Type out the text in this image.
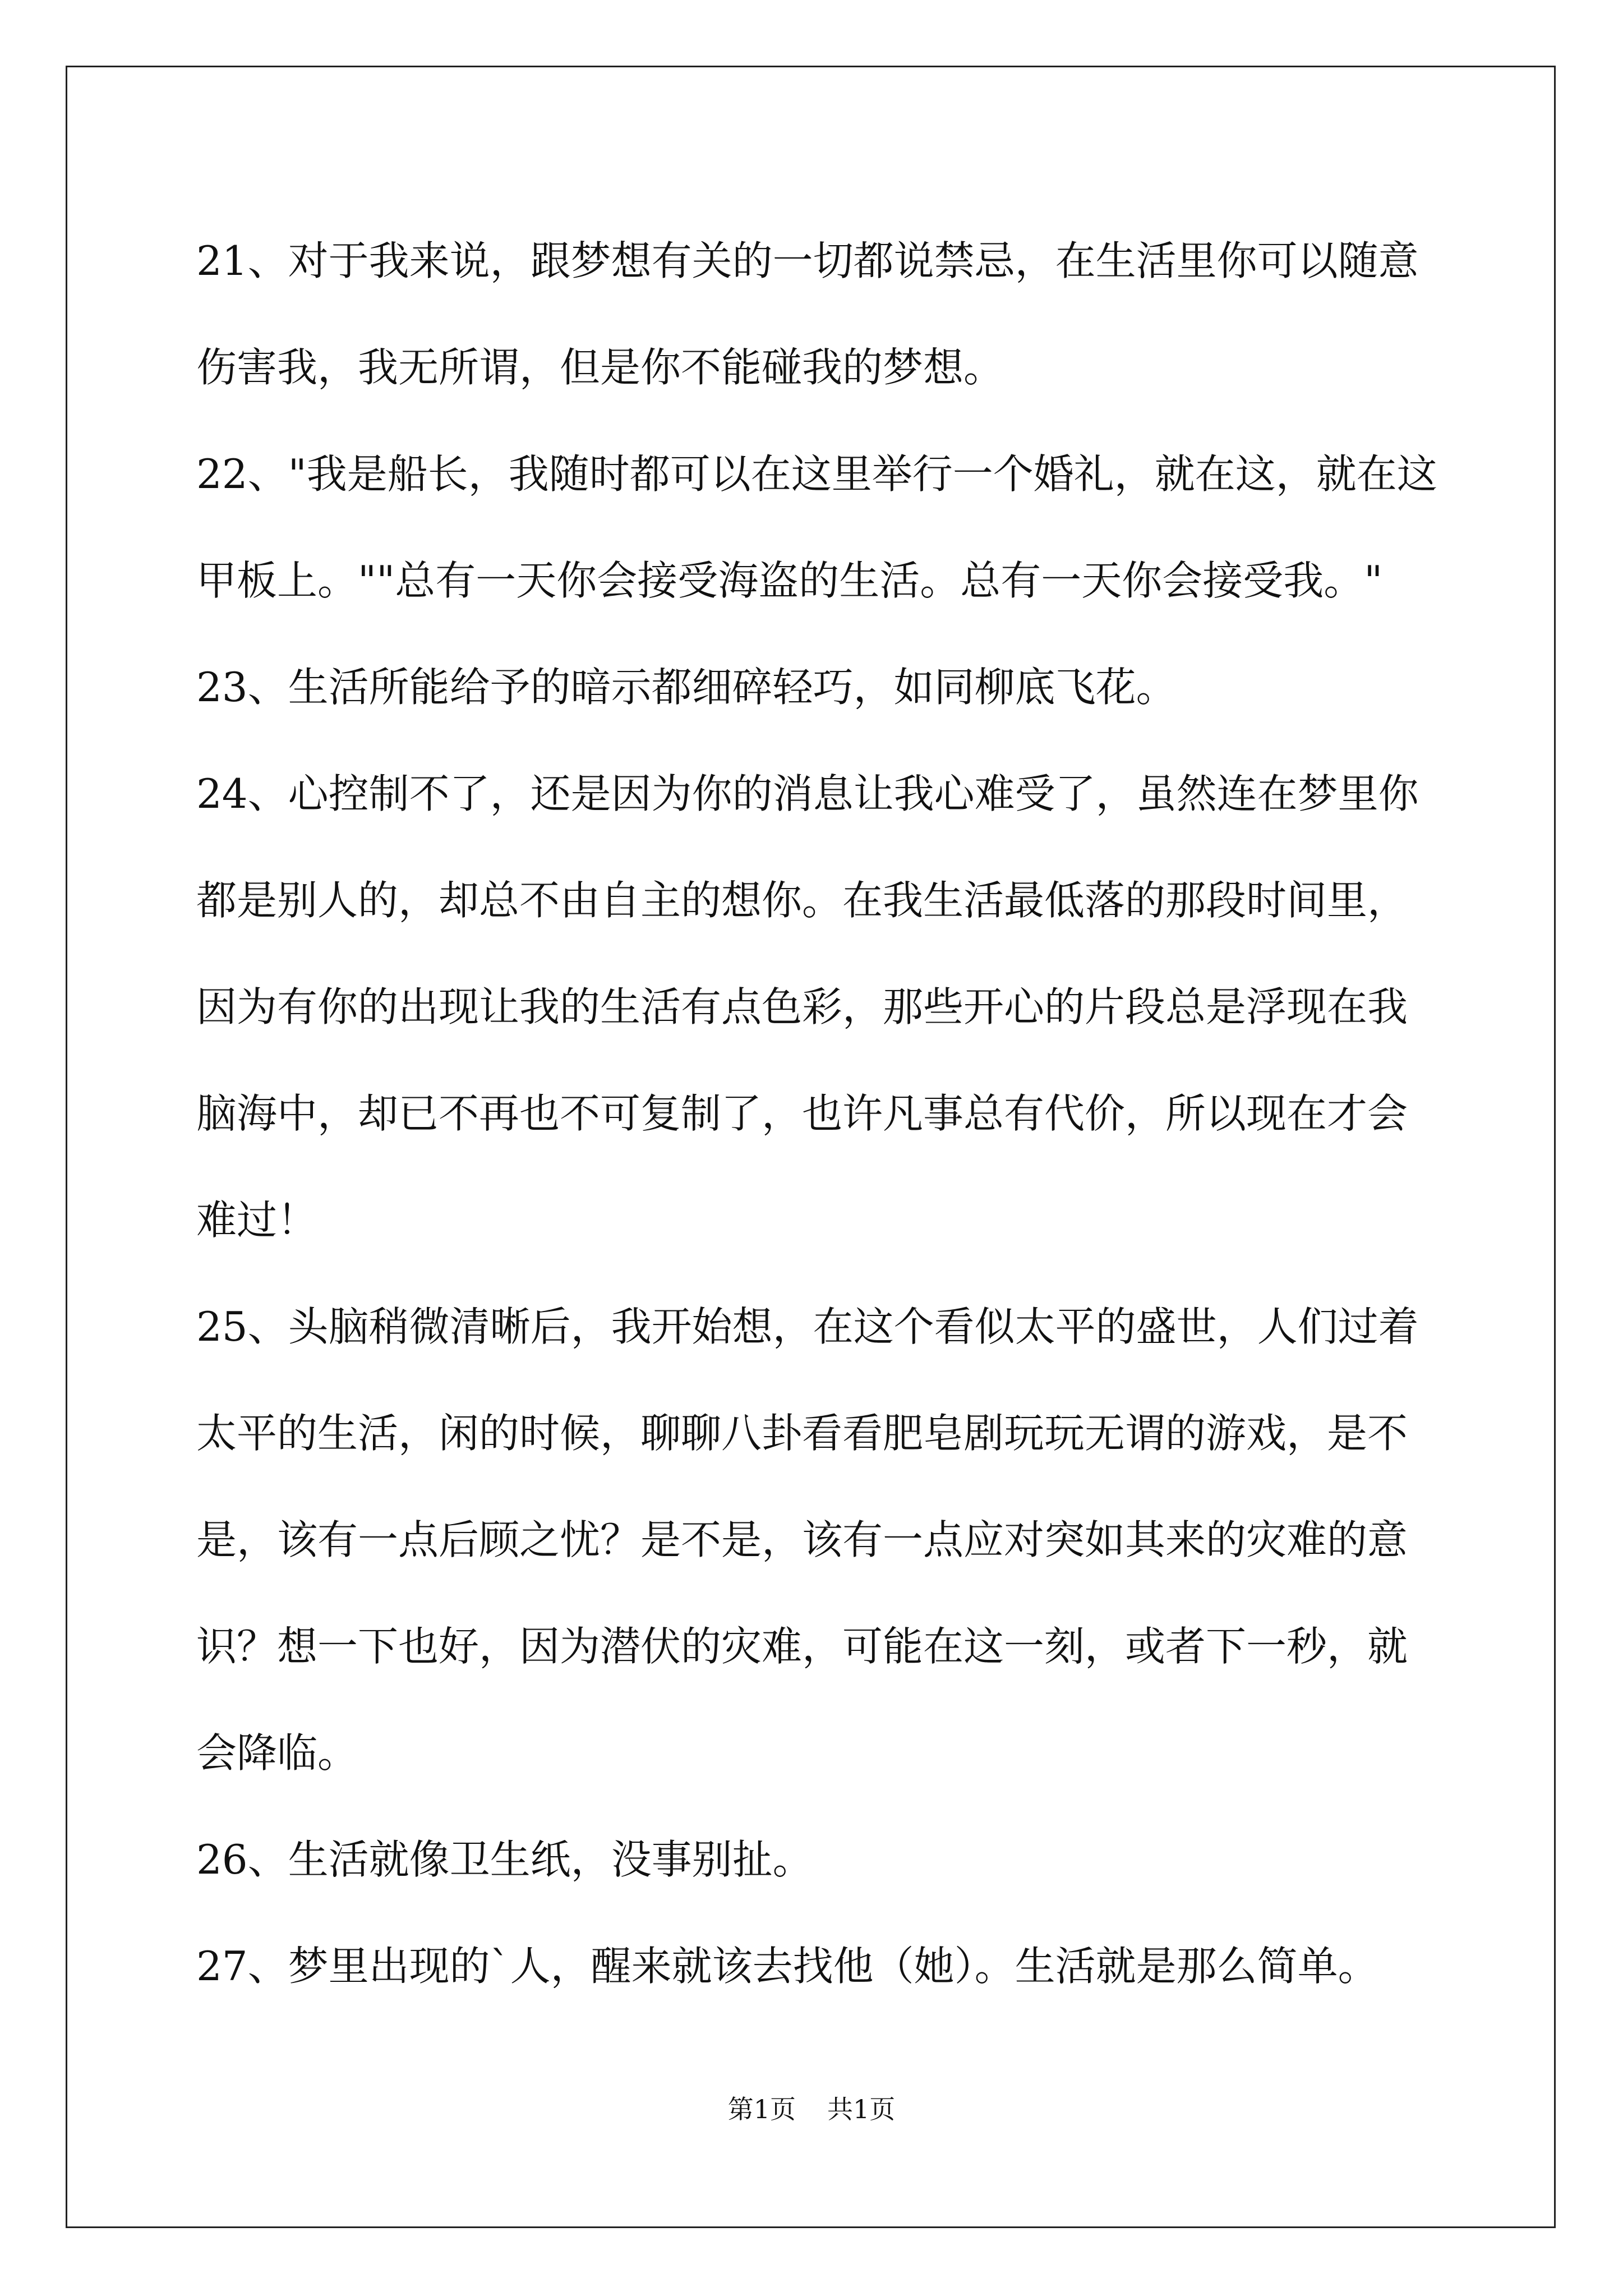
21、对于我来说，跟梦想有关的一切都说禁忌，在生活里你可以随意
伤害我，我无所谓，但是你不能碰我的梦想。
22、"我是船长，我随时都可以在这里举行一个婚礼，就在这，就在这
甲板上。""总有一天你会接受海盗的生活。总有一天你会接受我。"
23、生活所能给予的暗示都细碎轻巧，如同柳底飞花。
24、心控制不了，还是因为你的消息让我心难受了，虽然连在梦里你
都是别人的，却总不由自主的想你。在我生活最低落的那段时间里，
因为有你的出现让我的生活有点色彩，那些开心的片段总是浮现在我
脑海中，却已不再也不可复制了，也许凡事总有代价，所以现在才会
难过！
25、头脑稍微清晰后，我开始想，在这个看似太平的盛世，人们过着
太平的生活，闲的时候，聊聊八卦看看肥皂剧玩玩无谓的游戏，是不
是，该有一点后顾之忧？是不是，该有一点应对突如其来的灾难的意
识？想一下也好，因为潜伏的灾难，可能在这一刻，或者下一秒，就
会降临。
26、生活就像卫生纸，没事别扯。
27、梦里出现的`人，醒来就该去找他（她）。生活就是那么简单。
第1页 共1页
